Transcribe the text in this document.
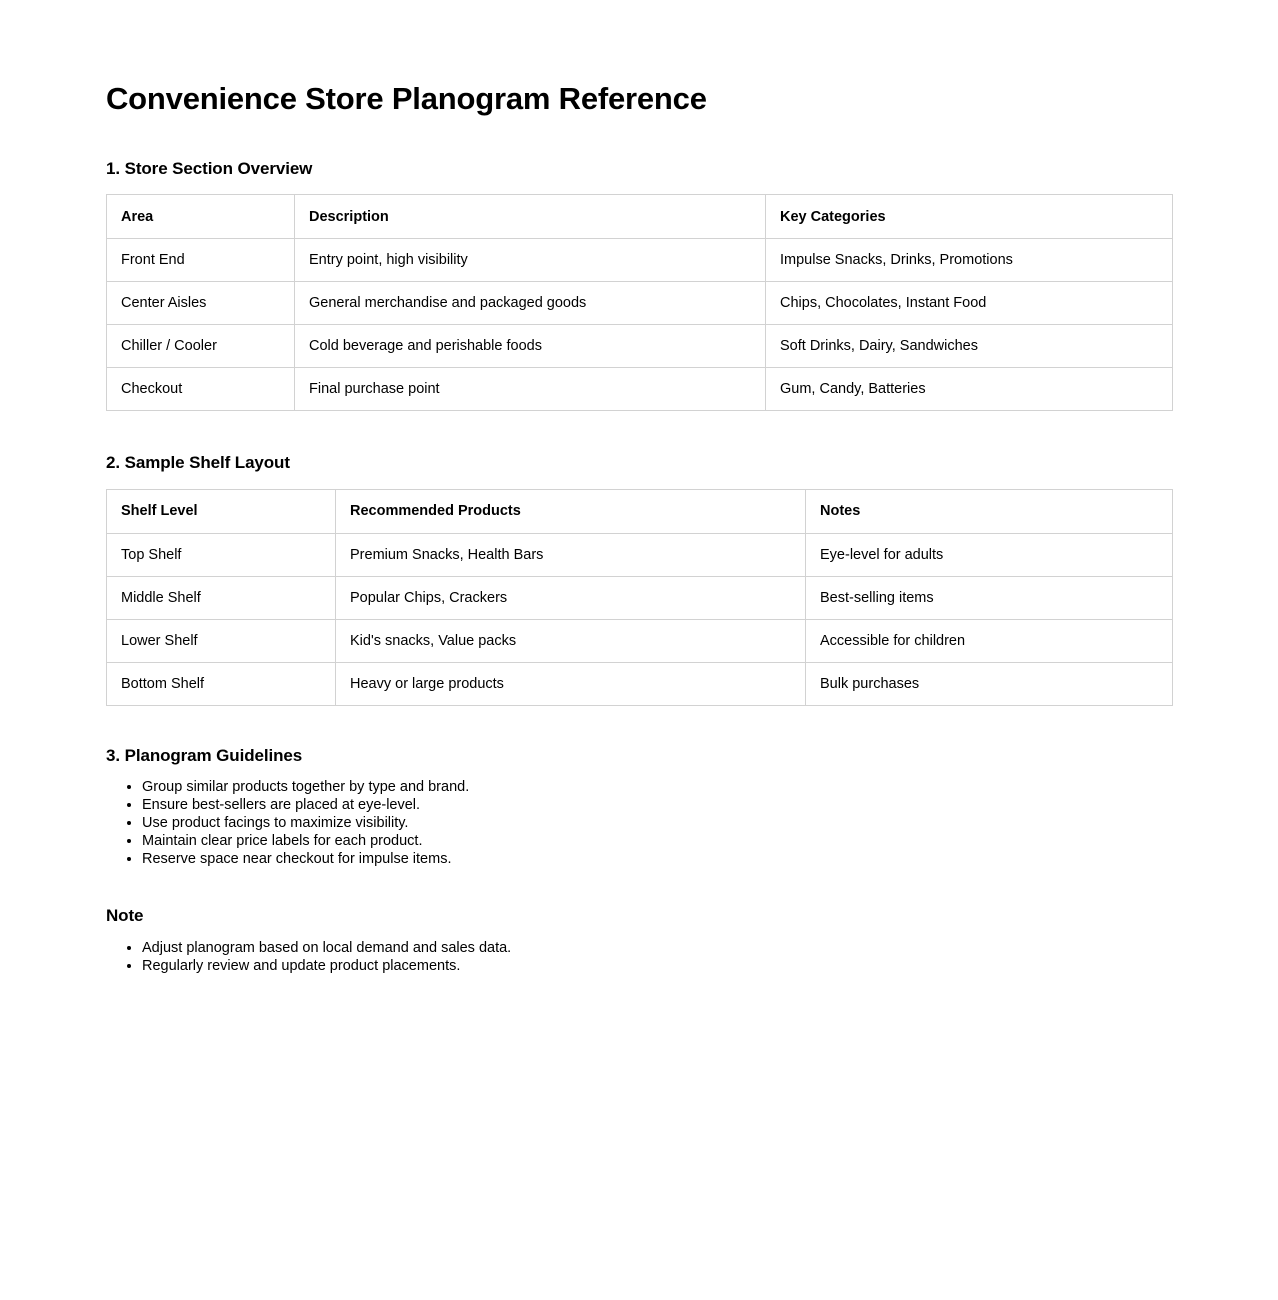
Convenience Store Planogram Reference
1. Store Section Overview
Area	Description	Key Categories
Front End	Entry point, high visibility	Impulse Snacks, Drinks, Promotions
Center Aisles	General merchandise and packaged goods	Chips, Chocolates, Instant Food
Chiller / Cooler	Cold beverage and perishable foods	Soft Drinks, Dairy, Sandwiches
Checkout	Final purchase point	Gum, Candy, Batteries
2. Sample Shelf Layout
Shelf Level	Recommended Products	Notes
Top Shelf	Premium Snacks, Health Bars	Eye-level for adults
Middle Shelf	Popular Chips, Crackers	Best-selling items
Lower Shelf	Kid's snacks, Value packs	Accessible for children
Bottom Shelf	Heavy or large products	Bulk purchases
3. Planogram Guidelines
• Group similar products together by type and brand.
• Ensure best-sellers are placed at eye-level.
• Use product facings to maximize visibility.
• Maintain clear price labels for each product.
• Reserve space near checkout for impulse items.
Note
• Adjust planogram based on local demand and sales data.
• Regularly review and update product placements.
